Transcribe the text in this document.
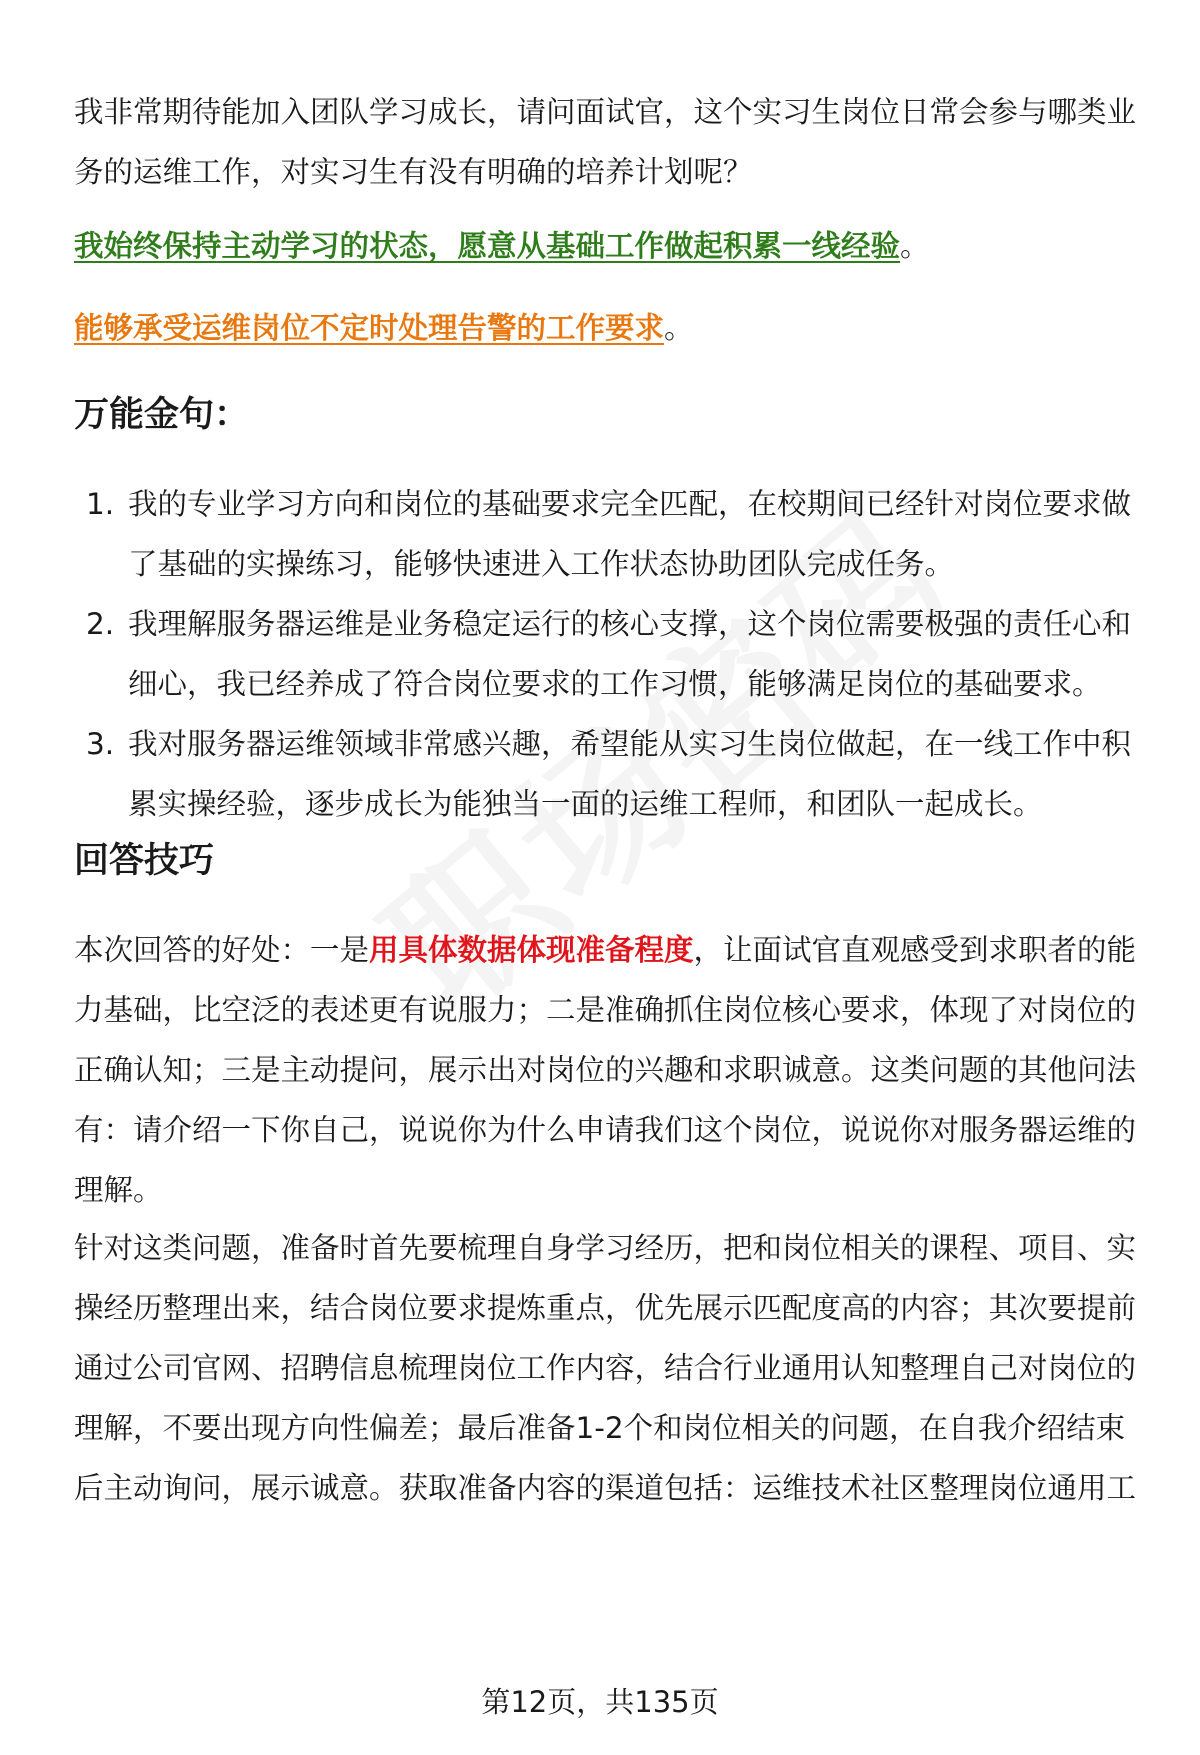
我非常期待能加入团队学习成长，请问面试官，这个实习生岗位日常会参与哪类业务的运维工作，对实习生有没有明确的培养计划呢？

我始终保持主动学习的状态，愿意从基础工作做起积累一线经验。

能够承受运维岗位不定时处理告警的工作要求。

万能金句：
1. 我的专业学习方向和岗位的基础要求完全匹配，在校期间已经针对岗位要求做了基础的实操练习，能够快速进入工作状态协助团队完成任务。
2. 我理解服务器运维是业务稳定运行的核心支撑，这个岗位需要极强的责任心和细心，我已经养成了符合岗位要求的工作习惯，能够满足岗位的基础要求。
3. 我对服务器运维领域非常感兴趣，希望能从实习生岗位做起，在一线工作中积累实操经验，逐步成长为能独当一面的运维工程师，和团队一起成长。
回答技巧

本次回答的好处：一是用具体数据体现准备程度，让面试官直观感受到求职者的能力基础，比空泛的表述更有说服力；二是准确抓住岗位核心要求，体现了对岗位的正确认知；三是主动提问，展示出对岗位的兴趣和求职诚意。这类问题的其他问法有：请介绍一下你自己，说说你为什么申请我们这个岗位，说说你对服务器运维的理解。

针对这类问题，准备时首先要梳理自身学习经历，把和岗位相关的课程、项目、实操经历整理出来，结合岗位要求提炼重点，优先展示匹配度高的内容；其次要提前通过公司官网、招聘信息梳理岗位工作内容，结合行业通用认知整理自己对岗位的理解，不要出现方向性偏差；最后准备1-2个和岗位相关的问题，在自我介绍结束后主动询问，展示诚意。获取准备内容的渠道包括：运维技术社区整理岗位通用工

第12页，共135页
